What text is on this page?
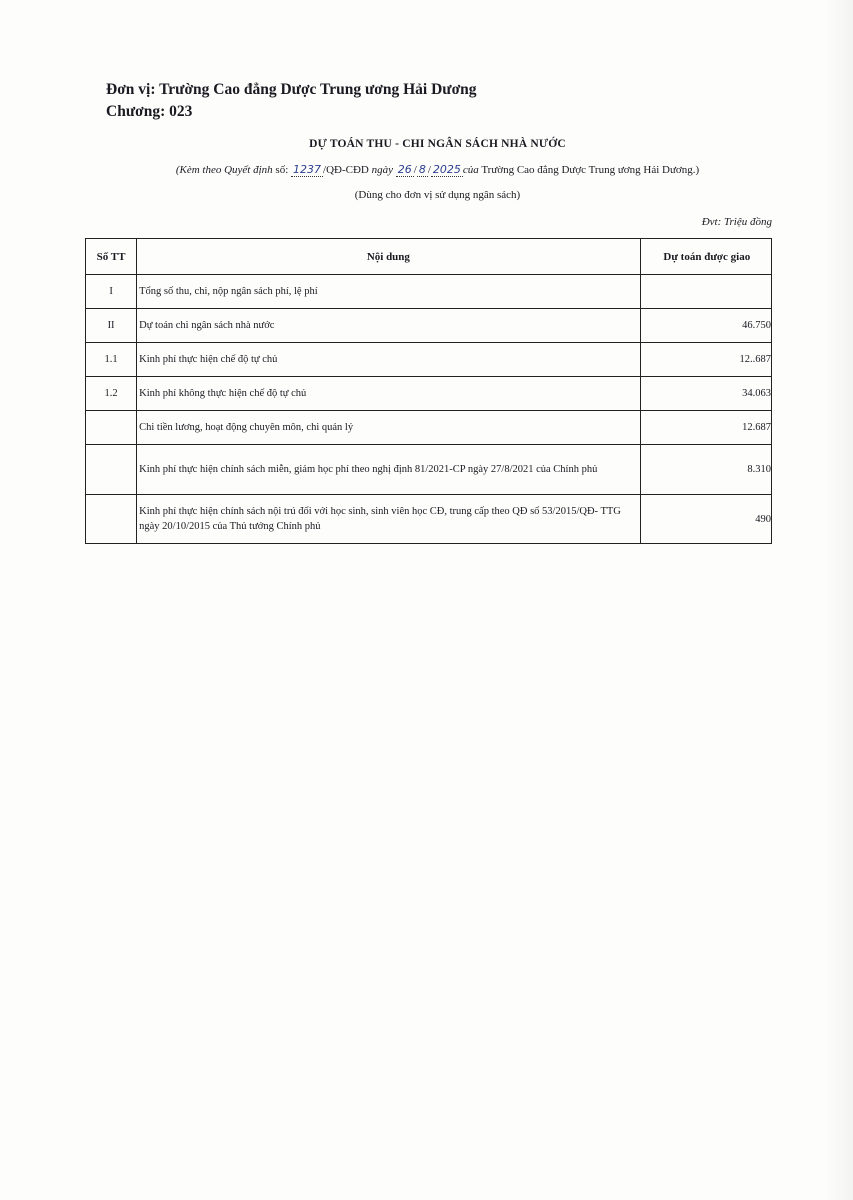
Đơn vị: Trường Cao đẳng Dược Trung ương Hải Dương
Chương: 023
DỰ TOÁN THU - CHI NGÂN SÁCH NHÀ NƯỚC
(Kèm theo Quyết định số: 1237 /QĐ-CĐD ngày 26 / 8 / 2025 của Trường Cao đẳng Dược Trung ương Hải Dương.)
(Dùng cho đơn vị sử dụng ngân sách)
Đvt: Triệu đồng
Số TT	Nội dung	Dự toán được giao
I	Tổng số thu, chi, nộp ngân sách phí, lệ phí	
II	Dự toán chi ngân sách nhà nước	46.750
1.1	Kinh phí thực hiện chế độ tự chủ	12..687
1.2	Kinh phí không thực hiện chế độ tự chủ	34.063
	Chi tiền lương, hoạt động chuyên môn, chi quản lý	12.687
	Kinh phí thực hiện chính sách miễn, giảm học phí theo nghị định 81/2021-CP ngày 27/8/2021 của Chính phủ	8.310
	Kinh phí thực hiện chính sách nội trú đối với học sinh, sinh viên học CĐ, trung cấp theo QĐ số 53/2015/QĐ- TTG ngày 20/10/2015 của Thủ tướng Chính phủ	490
